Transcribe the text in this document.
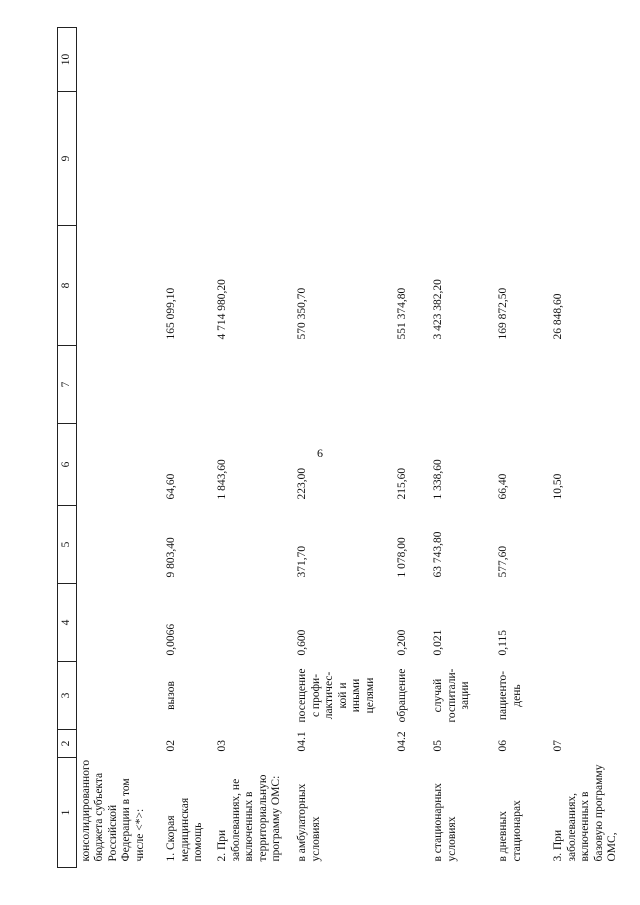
6
1	2	3	4	5	6	7	8	9	10
консолидированного бюджета субъекта Российской Федерации в том числе <*>:									
1. Скорая медицинская помощь	02	вызов	0,0066	9 803,40	64,60		165 099,10		
2. При заболеваниях, не включенных в территориальную программу ОМС:	03				1 843,60		4 714 980,20		
в амбулаторных условиях	04.1	посещение с профи-лактичес-кой и иными целями	0,600	371,70	223,00		570 350,70		
	04.2	обращение	0,200	1 078,00	215,60		551 374,80		
в стационарных условиях	05	случай госпитали-зации	0,021	63 743,80	1 338,60		3 423 382,20		
в дневных стационарах	06	пациенто-день	0,115	577,60	66,40		169 872,50		
3. При заболеваниях, включенных в базовую программу ОМС,	07				10,50		26 848,60		
